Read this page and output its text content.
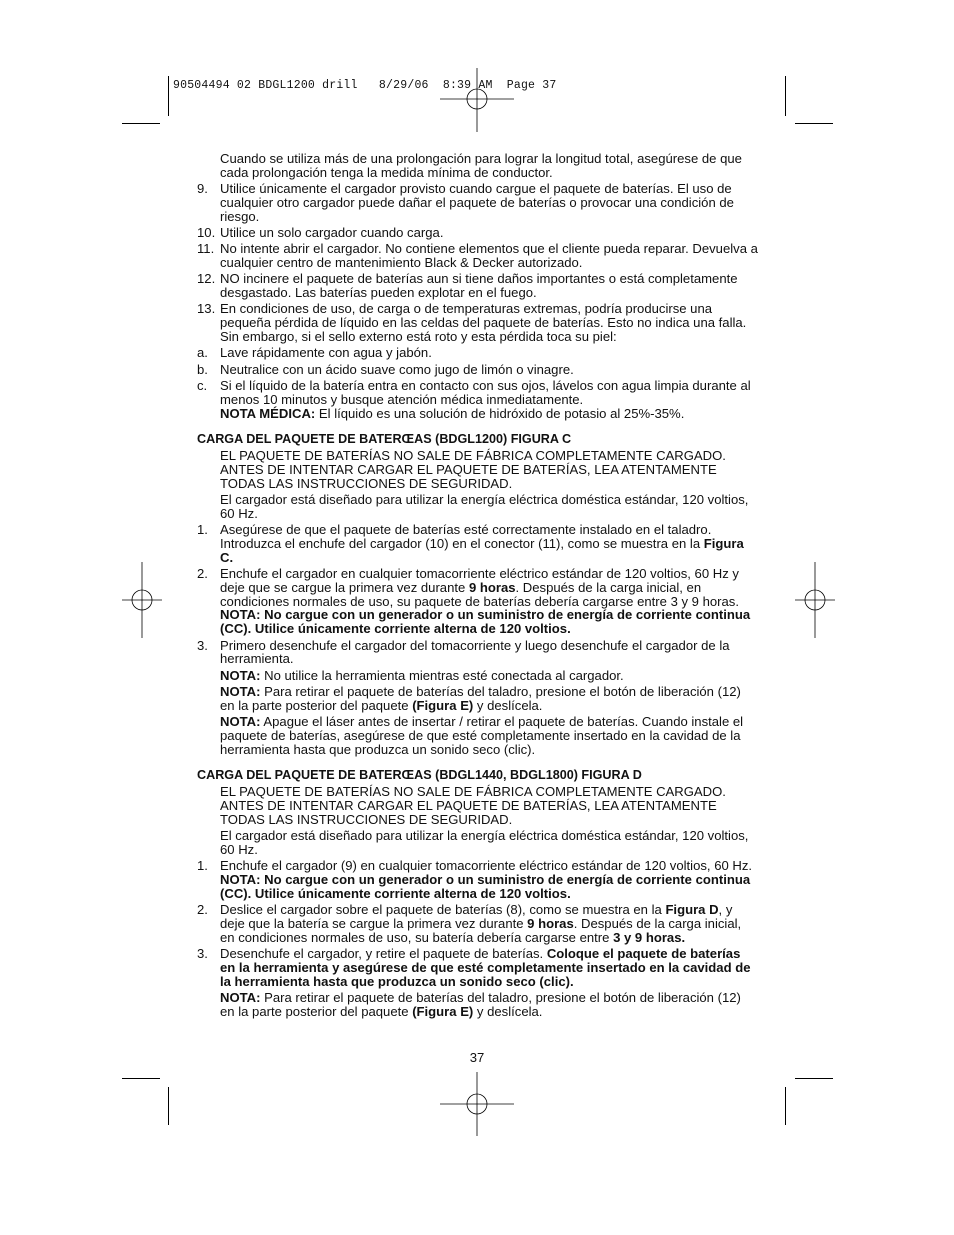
90504494 02 BDGL1200 drill   8/29/06  8:39 AM  Page 37

Cuando se utiliza más de una prolongación para lograr la longitud total, asegúrese de que cada prolongación tenga la medida mínima de conductor.

9. Utilice únicamente el cargador provisto cuando cargue el paquete de baterías. El uso de cualquier otro cargador puede dañar el paquete de baterías o provocar una condición de riesgo.
10. Utilice un solo cargador cuando carga.
11. No intente abrir el cargador. No contiene elementos que el cliente pueda reparar. Devuelva a cualquier centro de mantenimiento Black & Decker autorizado.
12. NO incinere el paquete de baterías aun si tiene daños importantes o está completamente desgastado. Las baterías pueden explotar en el fuego.
13. En condiciones de uso, de carga o de temperaturas extremas, podría producirse una pequeña pérdida de líquido en las celdas del paquete de baterías. Esto no indica una falla. Sin embargo, si el sello externo está roto y esta pérdida toca su piel:
a. Lave rápidamente con agua y jabón.
b. Neutralice con un ácido suave como jugo de limón o vinagre.
c. Si el líquido de la batería entra en contacto con sus ojos, lávelos con agua limpia durante al menos 10 minutos y busque atención médica inmediatamente.

NOTA MÉDICA: El líquido es una solución de hidróxido de potasio al 25%-35%.

CARGA DEL PAQUETE DE BATERŒAS (BDGL1200) FIGURA C

EL PAQUETE DE BATERÍAS NO SALE DE FÁBRICA COMPLETAMENTE CARGADO. ANTES DE INTENTAR CARGAR EL PAQUETE DE BATERÍAS, LEA ATENTAMENTE TODAS LAS INSTRUCCIONES DE SEGURIDAD.

El cargador está diseñado para utilizar la energía eléctrica doméstica estándar, 120 voltios, 60 Hz.

1. Asegúrese de que el paquete de baterías esté correctamente instalado en el taladro. Introduzca el enchufe del cargador (10) en el conector (11), como se muestra en la Figura C.
2. Enchufe el cargador en cualquier tomacorriente eléctrico estándar de 120 voltios, 60 Hz y deje que se cargue la primera vez durante 9 horas. Después de la carga inicial, en condiciones normales de uso, su paquete de baterías debería cargarse entre 3 y 9 horas. NOTA: No cargue con un generador o un suministro de energía de corriente continua (CC). Utilice únicamente corriente alterna de 120 voltios.
3. Primero desenchufe el cargador del tomacorriente y luego desenchufe el cargador de la herramienta.

NOTA: No utilice la herramienta mientras esté conectada al cargador.

NOTA: Para retirar el paquete de baterías del taladro, presione el botón de liberación (12) en la parte posterior del paquete (Figura E) y deslícela.

NOTA: Apague el láser antes de insertar / retirar el paquete de baterías. Cuando instale el paquete de baterías, asegúrese de que esté completamente insertado en la cavidad de la herramienta hasta que produzca un sonido seco (clic).

CARGA DEL PAQUETE DE BATERŒAS (BDGL1440, BDGL1800) FIGURA D

EL PAQUETE DE BATERÍAS NO SALE DE FÁBRICA COMPLETAMENTE CARGADO. ANTES DE INTENTAR CARGAR EL PAQUETE DE BATERÍAS, LEA ATENTAMENTE TODAS LAS INSTRUCCIONES DE SEGURIDAD.

El cargador está diseñado para utilizar la energía eléctrica doméstica estándar, 120 voltios, 60 Hz.

1. Enchufe el cargador (9) en cualquier tomacorriente eléctrico estándar de 120 voltios, 60 Hz. NOTA: No cargue con un generador o un suministro de energía de corriente continua (CC). Utilice únicamente corriente alterna de 120 voltios.
2. Deslice el cargador sobre el paquete de baterías (8), como se muestra en la Figura D, y deje que la batería se cargue la primera vez durante 9 horas. Después de la carga inicial, en condiciones normales de uso, su batería debería cargarse entre 3 y 9 horas.
3. Desenchufe el cargador, y retire el paquete de baterías. Coloque el paquete de baterías en la herramienta y asegúrese de que esté completamente insertado en la cavidad de la herramienta hasta que produzca un sonido seco (clic).

NOTA: Para retirar el paquete de baterías del taladro, presione el botón de liberación (12) en la parte posterior del paquete (Figura E) y deslícela.

37
